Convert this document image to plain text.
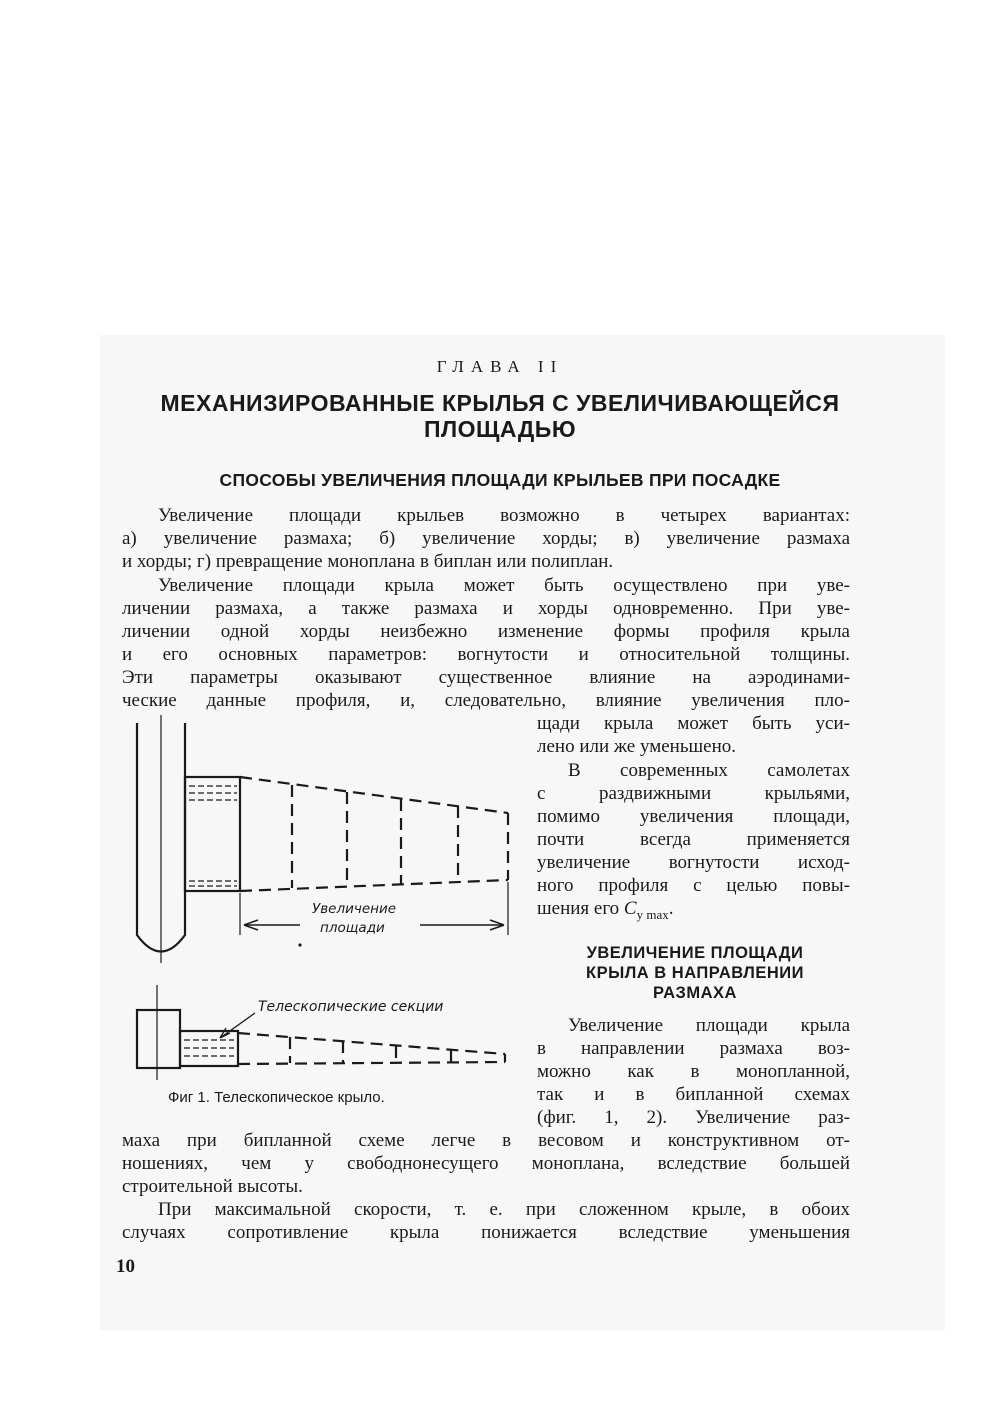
ГЛАВА II
МЕХАНИЗИРОВАННЫЕ КРЫЛЬЯ С УВЕЛИЧИВАЮЩЕЙСЯ
ПЛОЩАДЬЮ
СПОСОБЫ УВЕЛИЧЕНИЯ ПЛОЩАДИ КРЫЛЬЕВ ПРИ ПОСАДКЕ
Увеличение площади крыльев возможно в четырех вариантах:
а) увеличение размаха; б) увеличение хорды; в) увеличение размаха
и хорды; г) превращение моноплана в биплан или полиплан.
Увеличение площади крыла может быть осуществлено при уве-
личении размаха, а также размаха и хорды одновременно. При уве-
личении одной хорды неизбежно изменение формы профиля крыла
и его основных параметров: вогнутости и относительной толщины.
Эти параметры оказывают существенное влияние на аэродинами-
ческие данные профиля, и, следовательно, влияние увеличения пло-
щади крыла может быть уси-
лено или же уменьшено.
В современных самолетах
с раздвижными крыльями,
помимо увеличения площади,
почти всегда применяется
увеличение вогнутости исход-
ного профиля с целью повы-
шения его $C_{y max}$.
УВЕЛИЧЕНИЕ ПЛОЩАДИ
КРЫЛА В НАПРАВЛЕНИИ
РАЗМАХА
Увеличение площади крыла
в направлении размаха воз-
можно как в монопланной,
так и в бипланной схемах
(фиг. 1, 2). Увеличение раз-
маха при бипланной схеме легче в весовом и конструктивном от-
ношениях, чем у свободнонесущего моноплана, вследствие большей
строительной высоты.
При максимальной скорости, т. е. при сложенном крыле, в обоих
случаях сопротивление крыла понижается вследствие уменьшения
Увеличение
площади
Телескопические секции
Фиг 1. Телескопическое крыло.
10
